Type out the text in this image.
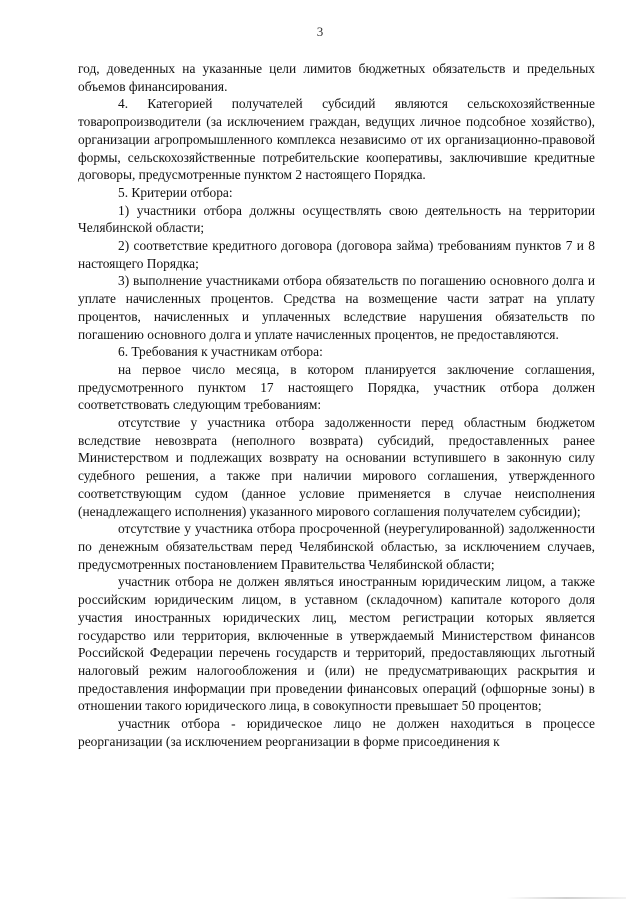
3

год, доведенных на указанные цели лимитов бюджетных обязательств и предельных объемов финансирования.

4. Категорией получателей субсидий являются сельскохозяйственные товаропроизводители (за исключением граждан, ведущих личное подсобное хозяйство), организации агропромышленного комплекса независимо от их организационно-правовой формы, сельскохозяйственные потребительские кооперативы, заключившие кредитные договоры, предусмотренные пунктом 2 настоящего Порядка.

5. Критерии отбора:

1) участники отбора должны осуществлять свою деятельность на территории Челябинской области;

2) соответствие кредитного договора (договора займа) требованиям пунктов 7 и 8 настоящего Порядка;

3) выполнение участниками отбора обязательств по погашению основного долга и уплате начисленных процентов. Средства на возмещение части затрат на уплату процентов, начисленных и уплаченных вследствие нарушения обязательств по погашению основного долга и уплате начисленных процентов, не предоставляются.

6. Требования к участникам отбора:

на первое число месяца, в котором планируется заключение соглашения, предусмотренного пунктом 17 настоящего Порядка, участник отбора должен соответствовать следующим требованиям:

отсутствие у участника отбора задолженности перед областным бюджетом вследствие невозврата (неполного возврата) субсидий, предоставленных ранее Министерством и подлежащих возврату на основании вступившего в законную силу судебного решения, а также при наличии мирового соглашения, утвержденного соответствующим судом (данное условие применяется в случае неисполнения (ненадлежащего исполнения) указанного мирового соглашения получателем субсидии);

отсутствие у участника отбора просроченной (неурегулированной) задолженности по денежным обязательствам перед Челябинской областью, за исключением случаев, предусмотренных постановлением Правительства Челябинской области;

участник отбора не должен являться иностранным юридическим лицом, а также российским юридическим лицом, в уставном (складочном) капитале которого доля участия иностранных юридических лиц, местом регистрации которых является государство или территория, включенные в утверждаемый Министерством финансов Российской Федерации перечень государств и территорий, предоставляющих льготный налоговый режим налогообложения и (или) не предусматривающих раскрытия и предоставления информации при проведении финансовых операций (офшорные зоны) в отношении такого юридического лица, в совокупности превышает 50 процентов;

участник отбора - юридическое лицо не должен находиться в процессе реорганизации (за исключением реорганизации в форме присоединения к
